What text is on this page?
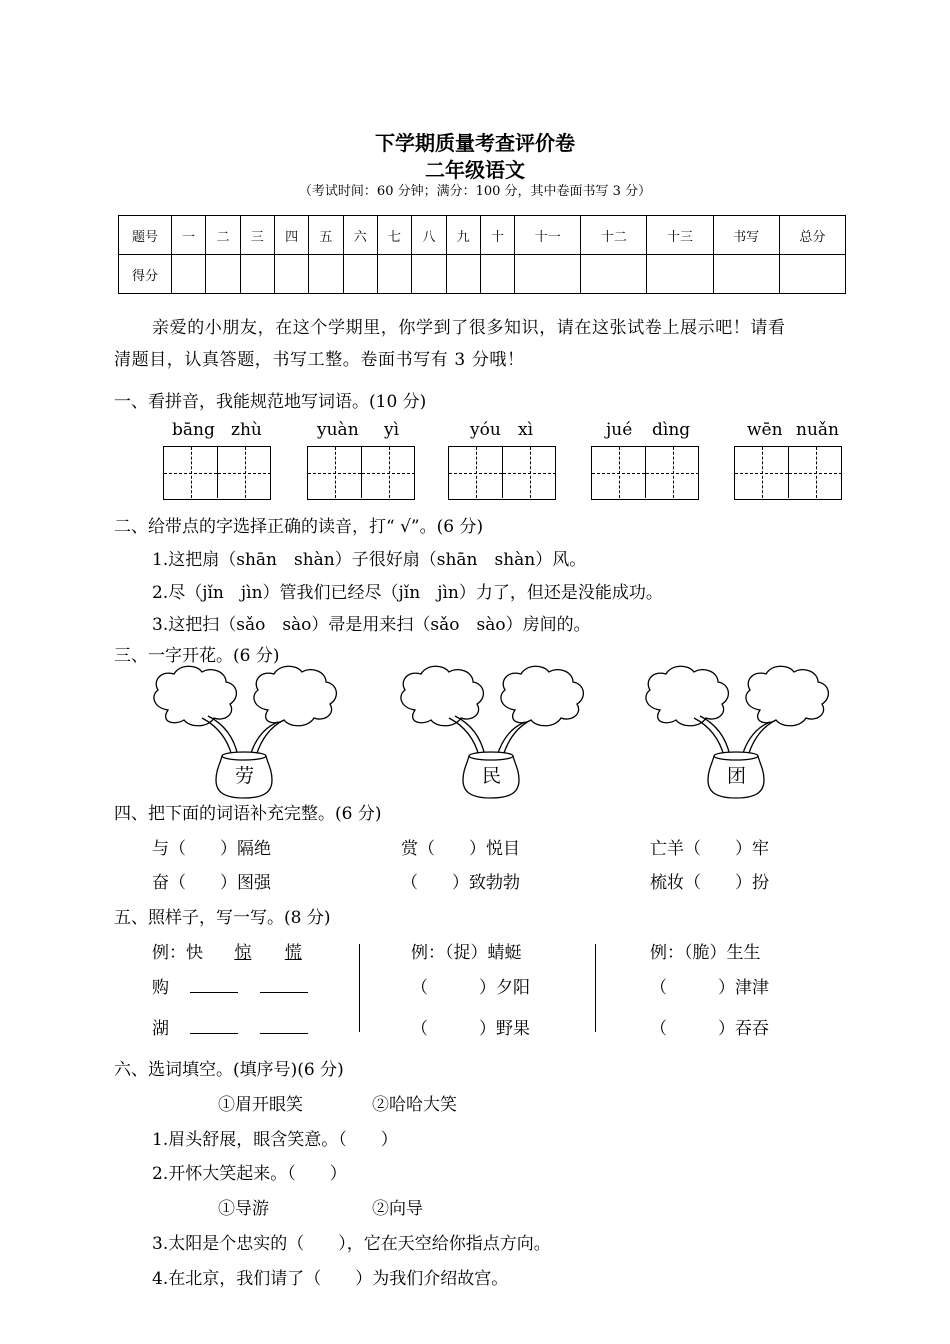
下学期质量考查评价卷
二年级语文
（考试时间：60 分钟；满分：100 分，其中卷面书写 3 分）
题号	一	二	三	四	五	六	七	八	九	十	十一	十二	十三	书写	总分
得分															
亲爱的小朋友，在这个学期里，你学到了很多知识，请在这张试卷上展示吧！请看
清题目，认真答题，书写工整。卷面书写有 3 分哦！
一、看拼音，我能规范地写词语。(10 分)
bāng zhù	yuàn yì	yóu xì	jué dìng	wēn nuǎn
二、给带点的字选择正确的读音，打“ √”。(6 分)
1.这把扇（shān　shàn）子很好扇（shān　shàn）风。
2.尽（jǐn　jìn）管我们已经尽（jǐn　jìn）力了，但还是没能成功。
3.这把扫（sǎo　sào）帚是用来扫（sǎo　sào）房间的。
三、一字开花。(6 分)
劳	民	团
四、把下面的词语补充完整。(6 分)
与（　　）隔绝	赏（　　）悦目	亡羊（　　）牢
奋（　　）图强	（　　）致勃勃	梳妆（　　）扮
五、照样子，写一写。(8 分)
例：快 惊 慌
购
湖
例：（捉）蜻蜓
（　　　）夕阳
（　　　）野果
例：（脆）生生
（　　　）津津
（　　　）吞吞
六、选词填空。(填序号)(6 分)
①眉开眼笑	②哈哈大笑
1.眉头舒展，眼含笑意。（　　）
2.开怀大笑起来。（　　）
①导游	②向导
3.太阳是个忠实的（　　），它在天空给你指点方向。
4.在北京，我们请了（　　）为我们介绍故宫。
